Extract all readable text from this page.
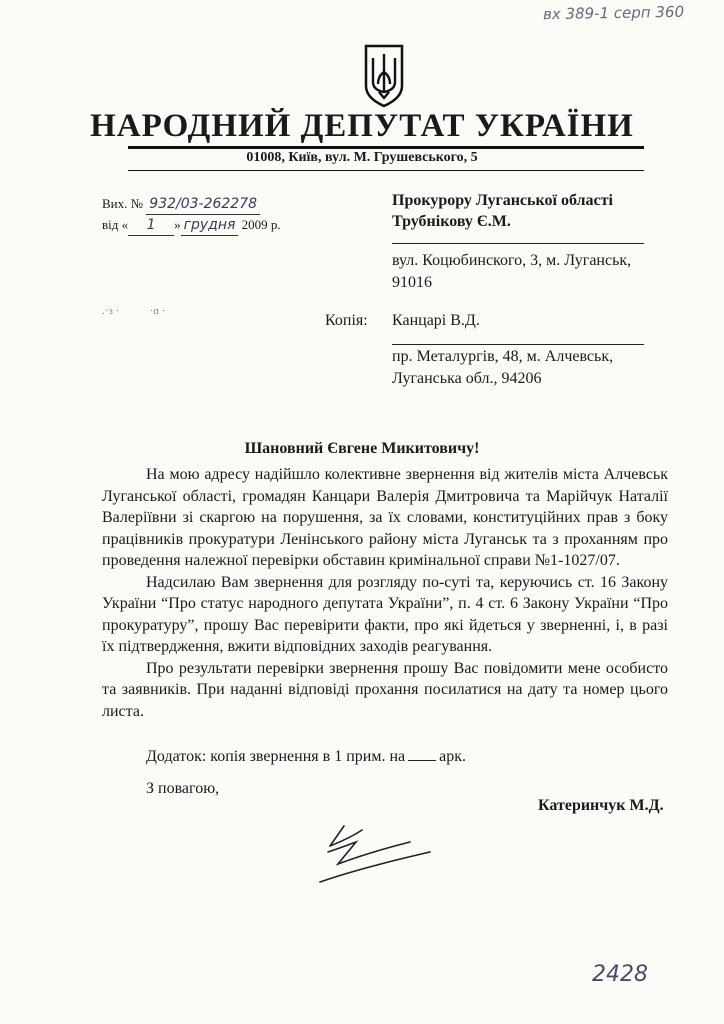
вх 389-1 серп 360
НАРОДНИЙ ДЕПУТАТ УКРАЇНИ
01008, Київ, вул. М. Грушевського, 5
Вих. № 932/03-262278
від « 1 » грудня 2009 р.
Прокурору Луганської області
Трубнікову Є.М.
вул. Коцюбинского, 3, м. Луганськ,
91016
.·ɜ ·           ·ɑ ·
Копія: Канцарі В.Д.
пр. Металургів, 48, м. Алчевськ,
Луганська обл., 94206
Шановний Євгене Микитовичу!

На мою адресу надійшло колективне звернення від жителів міста Алчевськ Луганської області, громадян Канцари Валерія Дмитровича та Марійчук Наталії Валеріївни зі скаргою на порушення, за їх словами, конституційних прав з боку працівників прокуратури Ленінського району міста Луганськ та з проханням про проведення належної перевірки обставин кримінальної справи №1-1027/07.

Надсилаю Вам звернення для розгляду по-суті та, керуючись ст. 16 Закону України “Про статус народного депутата України”, п. 4 ст. 6 Закону України “Про прокуратуру”, прошу Вас перевірити факти, про які йдеться у зверненні, і, в разі їх підтвердження, вжити відповідних заходів реагування.

Про результати перевірки звернення прошу Вас повідомити мене особисто та заявників. При наданні відповіді прохання посилатися на дату та номер цього листа.

Додаток: копія звернення в 1 прим. на арк.
З повагою,
Катеринчук М.Д.
2428
